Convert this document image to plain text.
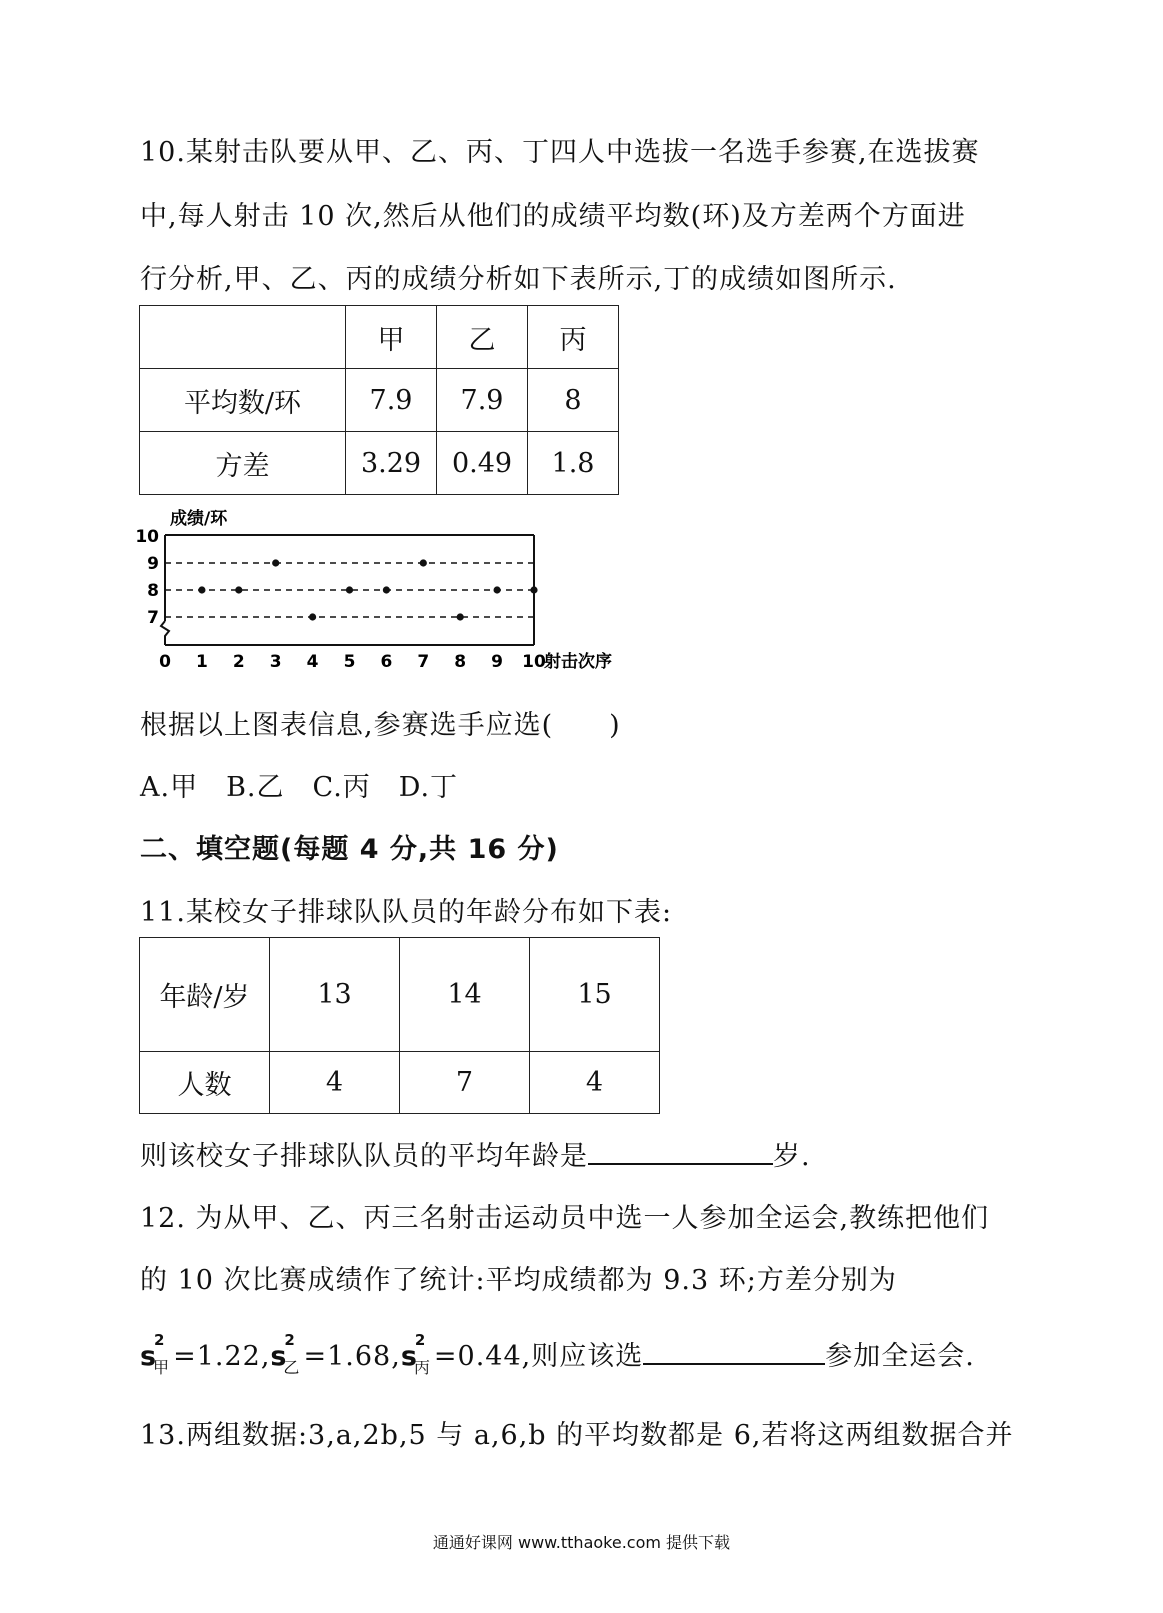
10.某射击队要从甲、乙、丙、丁四人中选拔一名选手参赛,在选拔赛
中,每人射击 10 次,然后从他们的成绩平均数(环)及方差两个方面进
行分析,甲、乙、丙的成绩分析如下表所示,丁的成绩如图所示.
	甲	乙	丙
平均数/环	7.9	7.9	8
方差	3.29	0.49	1.8
成绩/环
7
8
9
10
0 1 2 3 4 5 6 7 8 9 10
射击次序
根据以上图表信息,参赛选手应选(　　)
A.甲　B.乙　C.丙　D.丁
二、填空题(每题 4 分,共 16 分)
11.某校女子排球队队员的年龄分布如下表:
年龄/岁	13	14	15
人数	4	7	4
则该校女子排球队队员的平均年龄是	岁.
12. 为从甲、乙、丙三名射击运动员中选一人参加全运会,教练把他们
的 10 次比赛成绩作了统计:平均成绩都为 9.3 环;方差分别为
s
2
甲 =1.22,s
2
乙 =1.68,s
2
丙 =0.44,则应该选	参加全运会.
13.两组数据:3,a,2b,5 与 a,6,b 的平均数都是 6,若将这两组数据合并
通通好课网 www.tthaoke.com 提供下载
